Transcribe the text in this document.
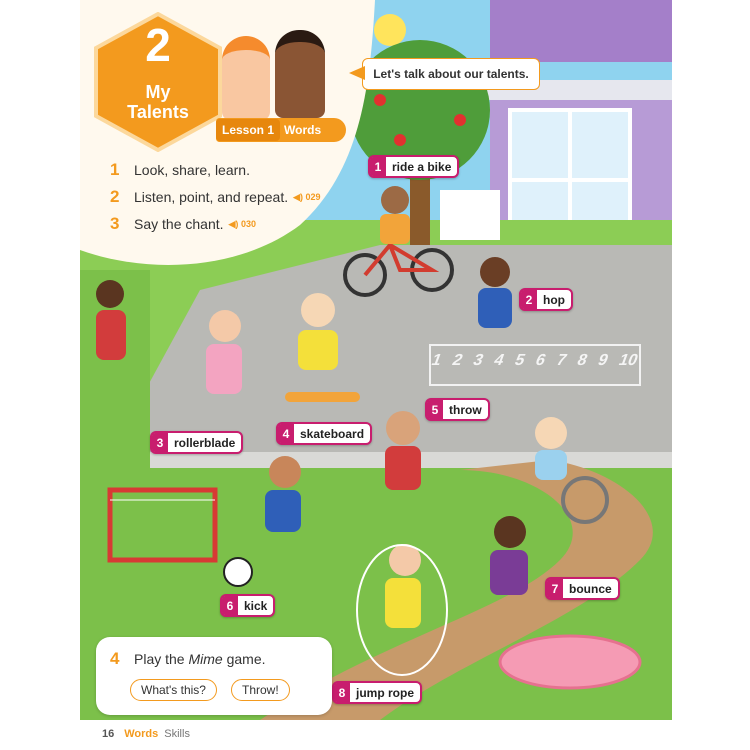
2
My Talents
Lesson 1 Words
Let's talk about our talents.
1	Look, share, learn.
2	Listen, point, and repeat. ◀) 029
3	Say the chant. ◀) 030
1 2 3 4 5 6 7 8 9 10
1 ride a bike
2 hop
3 rollerblade
4 skateboard
5 throw
6 kick
7 bounce
8 jump rope
4	Play the Mime game.
What's this?	Throw!
16 Words Skills
